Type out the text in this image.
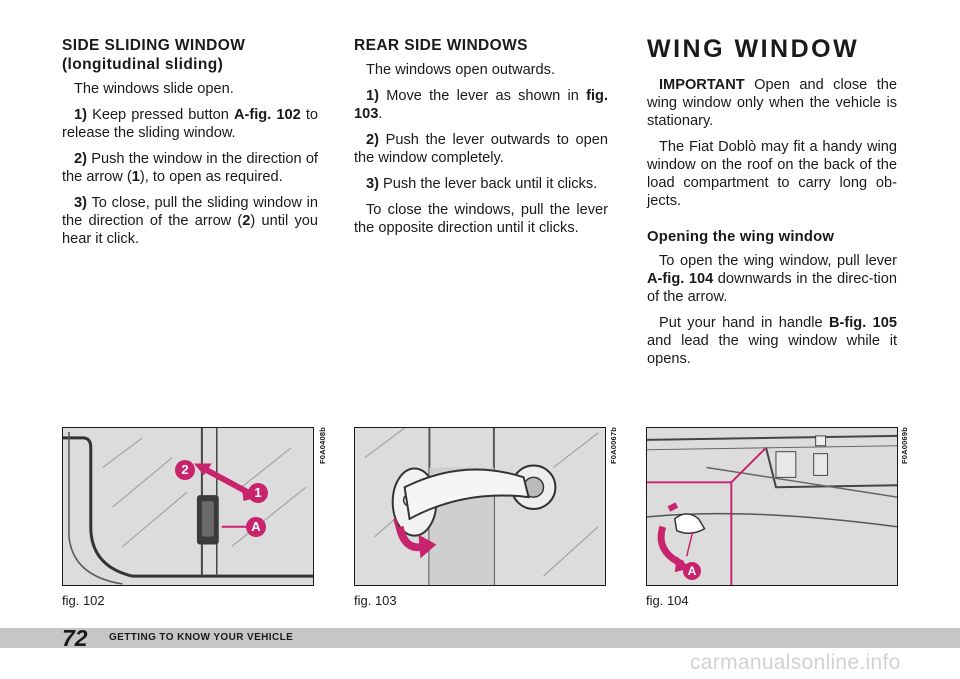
SIDE SLIDING WINDOW
(longitudinal sliding)

The windows slide open.

1) Keep pressed button A-fig. 102 to release the sliding window.

2) Push the window in the direction of the arrow (1), to open as required.

3) To close, pull the sliding window in the direction of the arrow (2) until you hear it click.

REAR SIDE WINDOWS

The windows open outwards.

1) Move the lever as shown in fig. 103.

2) Push the lever outwards to open the window completely.

3) Push the lever back until it clicks.

To close the windows, pull the lever the opposite direction until it clicks.

WING WINDOW

IMPORTANT Open and close the wing window only when the vehicle is stationary.

The Fiat Doblò may fit a handy wing window on the roof on the back of the load compartment to carry long ob-jects.

Opening the wing window

To open the wing window, pull lever A-fig. 104 downwards in the direc-tion of the arrow.

Put your hand in handle B-fig. 105 and lead the wing window while it opens.

F0A0408b
fig. 102
2
1
A
F0A0067b
fig. 103
F0A0069b
fig. 104
A
72 GETTING TO KNOW YOUR VEHICLE
carmanualsonline.info
